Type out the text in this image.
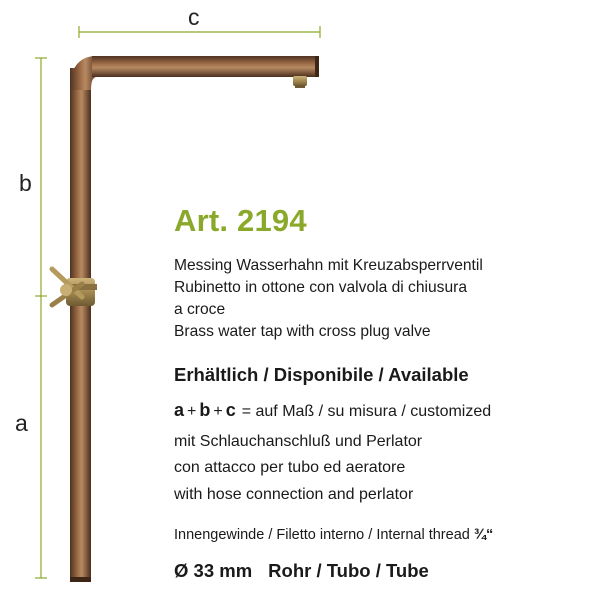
c
b
a
Art. 2194
Messing Wasserhahn mit Kreuzabsperrventil
Rubinetto in ottone con valvola di chiusura
a croce
Brass water tap with cross plug valve
Erhältlich / Disponibile / Available
a + b + c = auf Maß / su misura / customized
mit Schlauchanschluß und Perlator
con attacco per tubo ed aeratore
with hose connection and perlator
Innengewinde / Filetto interno / Internal thread ¾“
Ø 33 mm Rohr / Tubo / Tube
